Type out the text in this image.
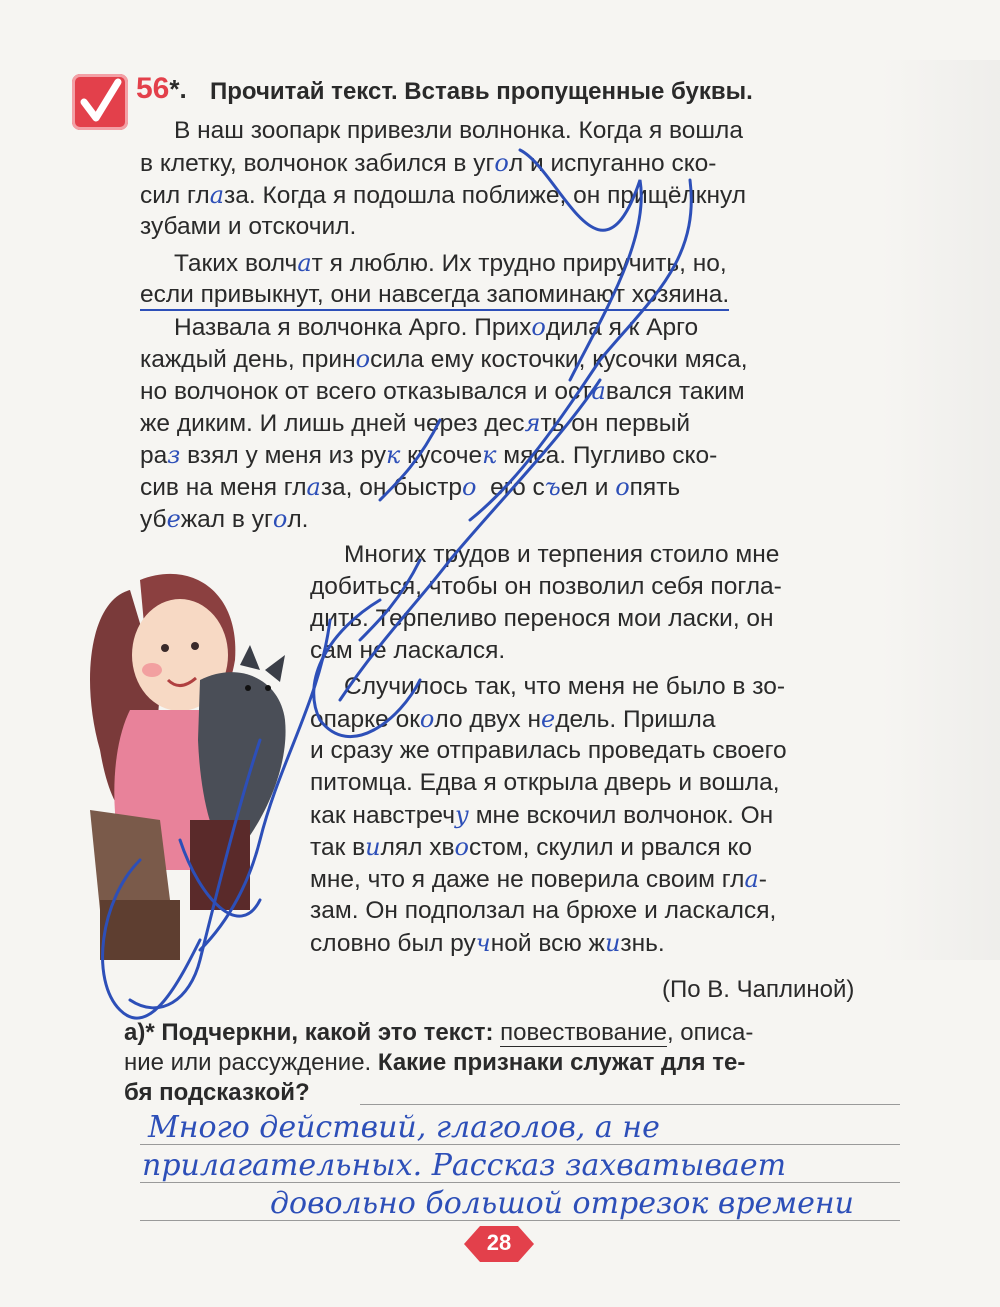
56*. Прочитай текст. Вставь пропущенные буквы.
В наш зоопарк привезли волнонка. Когда я вошла
в клетку, волчонок забился в угол и испуганно ско-
сил глаза. Когда я подошла поближе, он прищёлкнул
зубами и отскочил.
Таких волчат я люблю. Их трудно приручить, но,
если привыкнут, они навсегда запоминают хозяина.
Назвала я волчонка Арго. Приходила я к Арго
каждый день, приносила ему косточки, кусочки мяса,
но волчонок от всего отказывался и оставался таким
же диким. И лишь дней через десять он первый
раз взял у меня из рук кусочек мяса. Пугливо ско-
сив на меня глаза, он быстро  его съел и опять
убежал в угол.
Многих трудов и терпения стоило мне
добиться, чтобы он позволил себя погла-
дить. Терпеливо перенося мои ласки, он
сам не ласкался.
Случилось так, что меня не было в зо-
опарке около двух недель. Пришла
и сразу же отправилась проведать своего
питомца. Едва я открыла дверь и вошла,
как навстречу мне вскочил волчонок. Он
так вилял хвостом, скулил и рвался ко
мне, что я даже не поверила своим гла-
зам. Он подползал на брюхе и ласкался,
словно был ручной всю жизнь.
(По В. Чаплиной)
а)* Подчеркни, какой это текст: повествование, описа-
ние или рассуждение. Какие признаки служат для те-
бя подсказкой?
Много действий, глаголов, а не
прилагательных. Рассказ захватывает
довольно большой отрезок времени
28
